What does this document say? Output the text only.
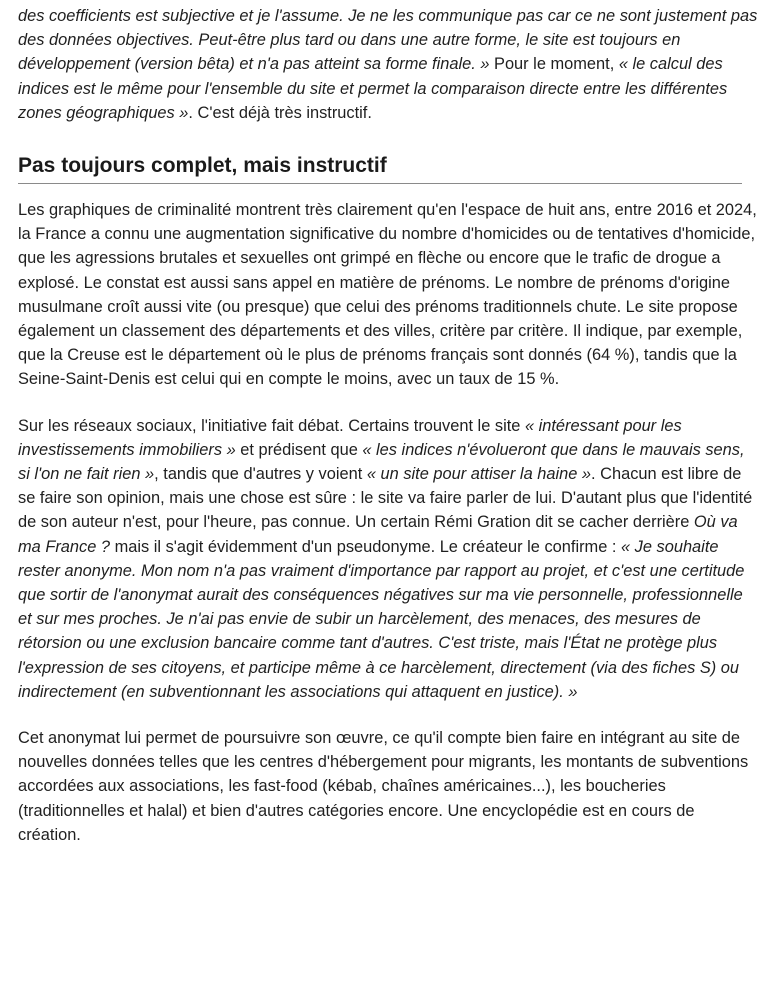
des coefficients est subjective et je l'assume. Je ne les communique pas car ce ne sont justement pas des données objectives. Peut-être plus tard ou dans une autre forme, le site est toujours en développement (version bêta) et n'a pas atteint sa forme finale. » Pour le moment, « le calcul des indices est le même pour l'ensemble du site et permet la comparaison directe entre les différentes zones géographiques ». C'est déjà très instructif.

Pas toujours complet, mais instructif

Les graphiques de criminalité montrent très clairement qu'en l'espace de huit ans, entre 2016 et 2024, la France a connu une augmentation significative du nombre d'homicides ou de tentatives d'homicide, que les agressions brutales et sexuelles ont grimpé en flèche ou encore que le trafic de drogue a explosé. Le constat est aussi sans appel en matière de prénoms. Le nombre de prénoms d'origine musulmane croît aussi vite (ou presque) que celui des prénoms traditionnels chute. Le site propose également un classement des départements et des villes, critère par critère. Il indique, par exemple, que la Creuse est le département où le plus de prénoms français sont donnés (64 %), tandis que la Seine-Saint-Denis est celui qui en compte le moins, avec un taux de 15 %.

Sur les réseaux sociaux, l'initiative fait débat. Certains trouvent le site « intéressant pour les investissements immobiliers » et prédisent que « les indices n'évolueront que dans le mauvais sens, si l'on ne fait rien », tandis que d'autres y voient « un site pour attiser la haine ». Chacun est libre de se faire son opinion, mais une chose est sûre : le site va faire parler de lui. D'autant plus que l'identité de son auteur n'est, pour l'heure, pas connue. Un certain Rémi Gration dit se cacher derrière Où va ma France ? mais il s'agit évidemment d'un pseudonyme. Le créateur le confirme : « Je souhaite rester anonyme. Mon nom n'a pas vraiment d'importance par rapport au projet, et c'est une certitude que sortir de l'anonymat aurait des conséquences négatives sur ma vie personnelle, professionnelle et sur mes proches. Je n'ai pas envie de subir un harcèlement, des menaces, des mesures de rétorsion ou une exclusion bancaire comme tant d'autres. C'est triste, mais l'État ne protège plus l'expression de ses citoyens, et participe même à ce harcèlement, directement (via des fiches S) ou indirectement (en subventionnant les associations qui attaquent en justice). »

Cet anonymat lui permet de poursuivre son œuvre, ce qu'il compte bien faire en intégrant au site de nouvelles données telles que les centres d'hébergement pour migrants, les montants de subventions accordées aux associations, les fast-food (kébab, chaînes américaines...), les boucheries (traditionnelles et halal) et bien d'autres catégories encore. Une encyclopédie est en cours de création.
